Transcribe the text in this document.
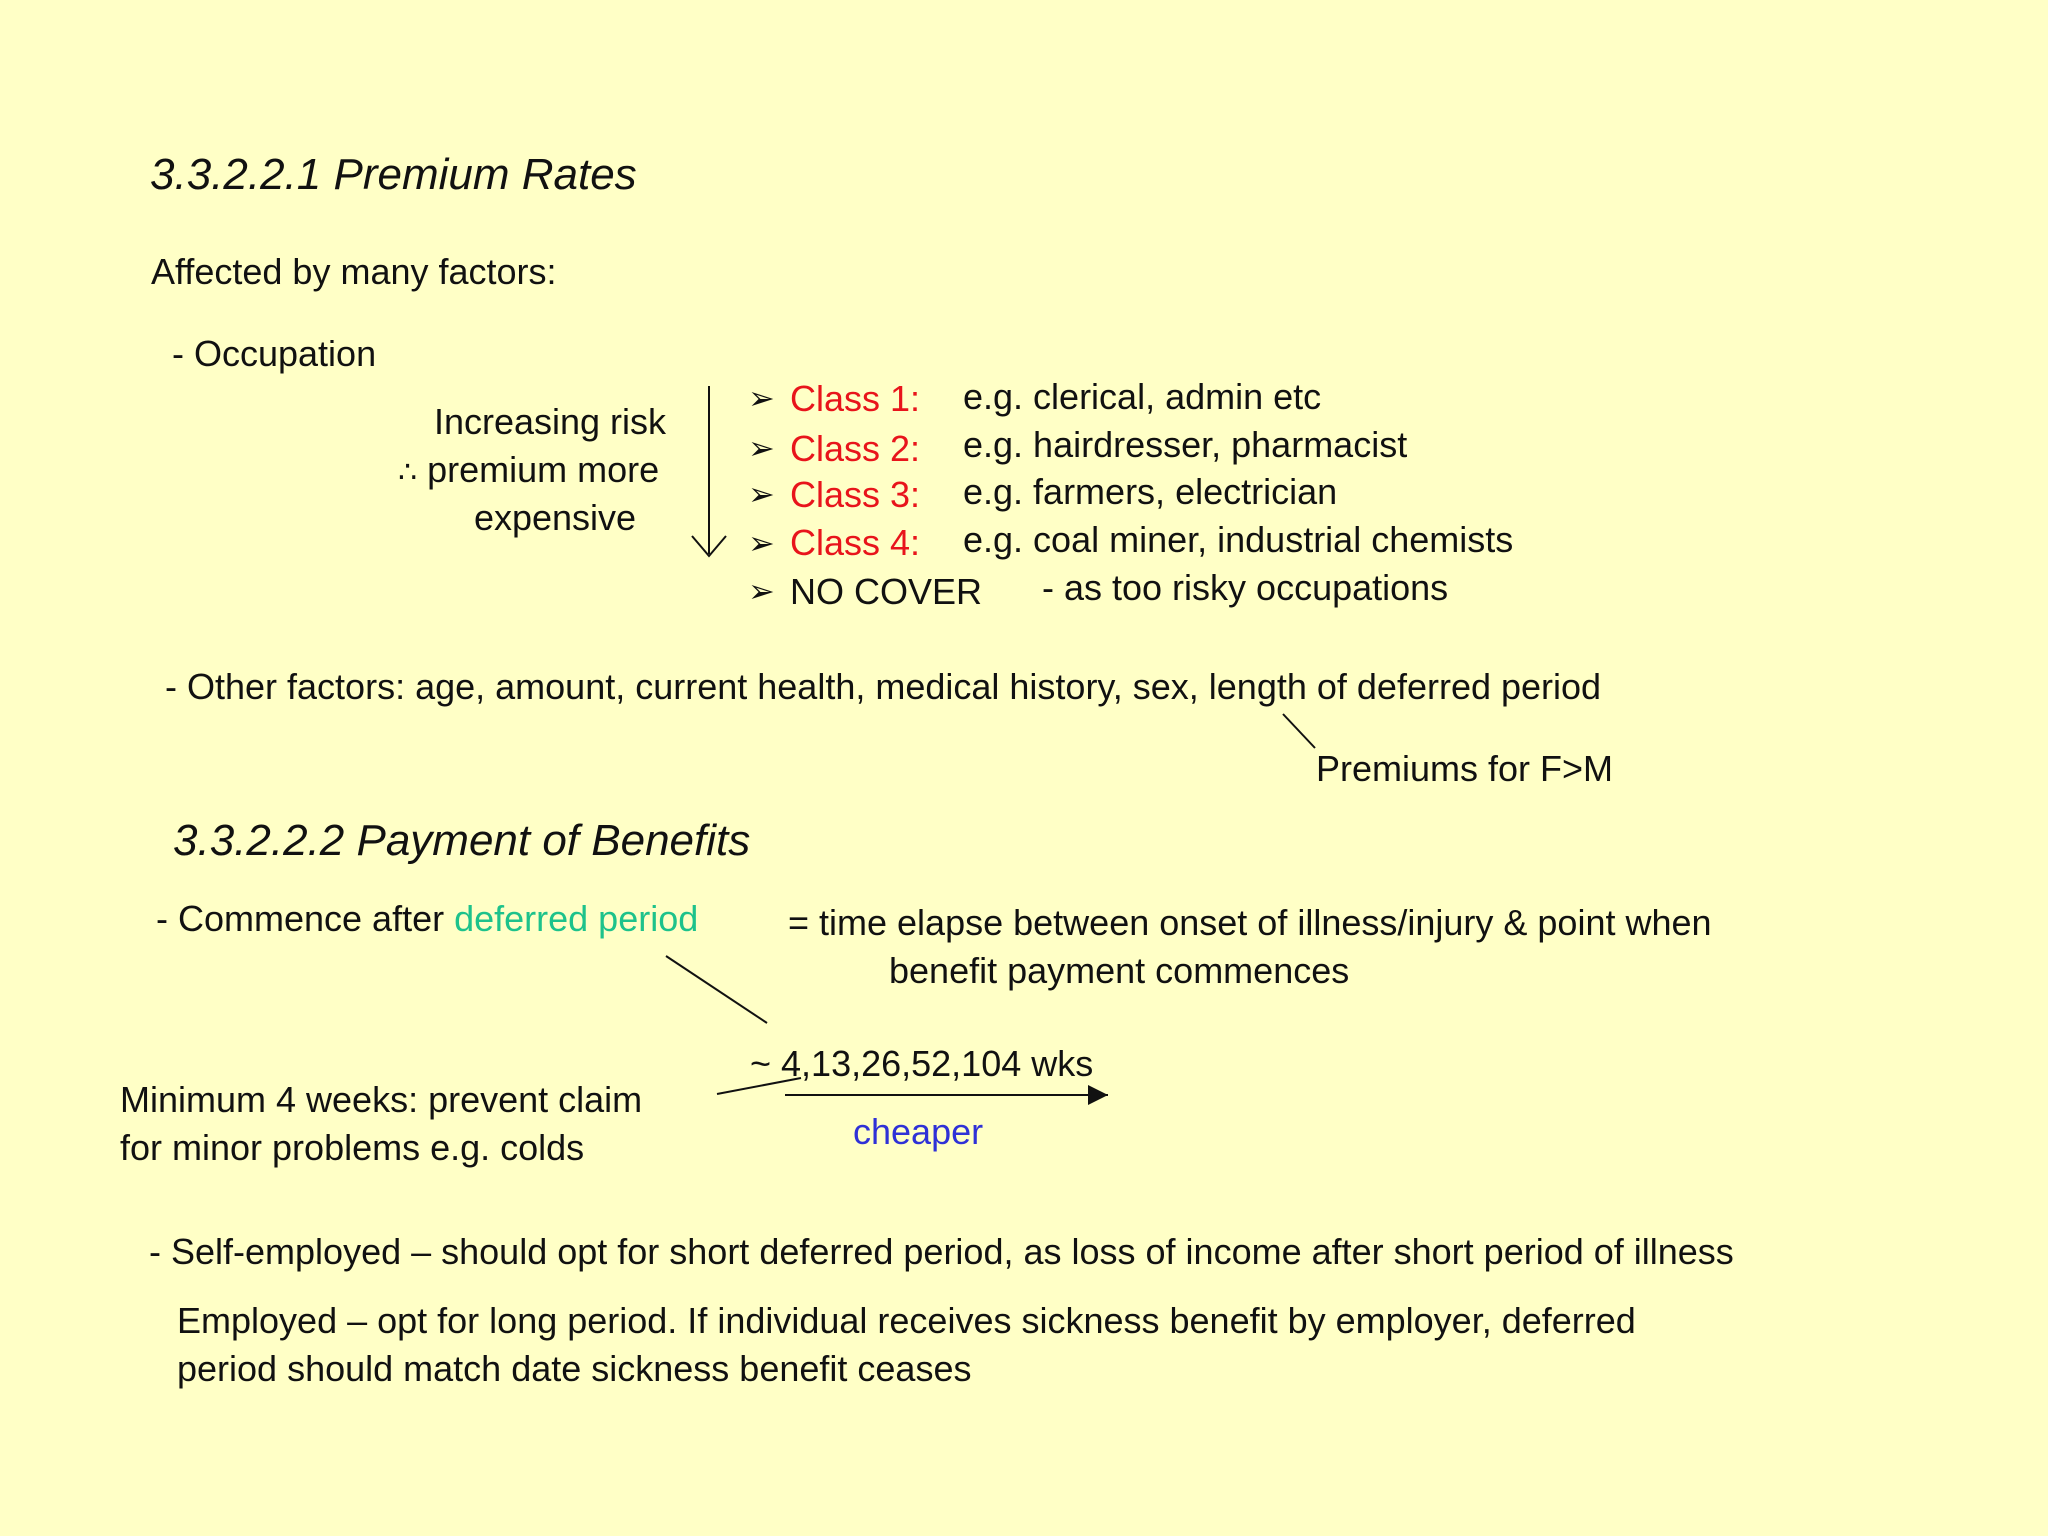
3.3.2.2.1 Premium Rates
Affected by many factors:
- Occupation
Increasing risk
∴ premium more
expensive
➢ Class 1: e.g. clerical, admin etc
➢ Class 2: e.g. hairdresser, pharmacist
➢ Class 3: e.g. farmers, electrician
➢ Class 4: e.g. coal miner, industrial chemists
➢ NO COVER - as too risky occupations
- Other factors: age, amount, current health, medical history, sex, length of deferred period
Premiums for F>M
3.3.2.2.2 Payment of Benefits
- Commence after deferred period = time elapse between onset of illness/injury & point when
benefit payment commences
~ 4,13,26,52,104 wks
cheaper
Minimum 4 weeks: prevent claim
for minor problems e.g. colds
- Self-employed – should opt for short deferred period, as loss of income after short period of illness
Employed – opt for long period. If individual receives sickness benefit by employer, deferred
period should match date sickness benefit ceases
